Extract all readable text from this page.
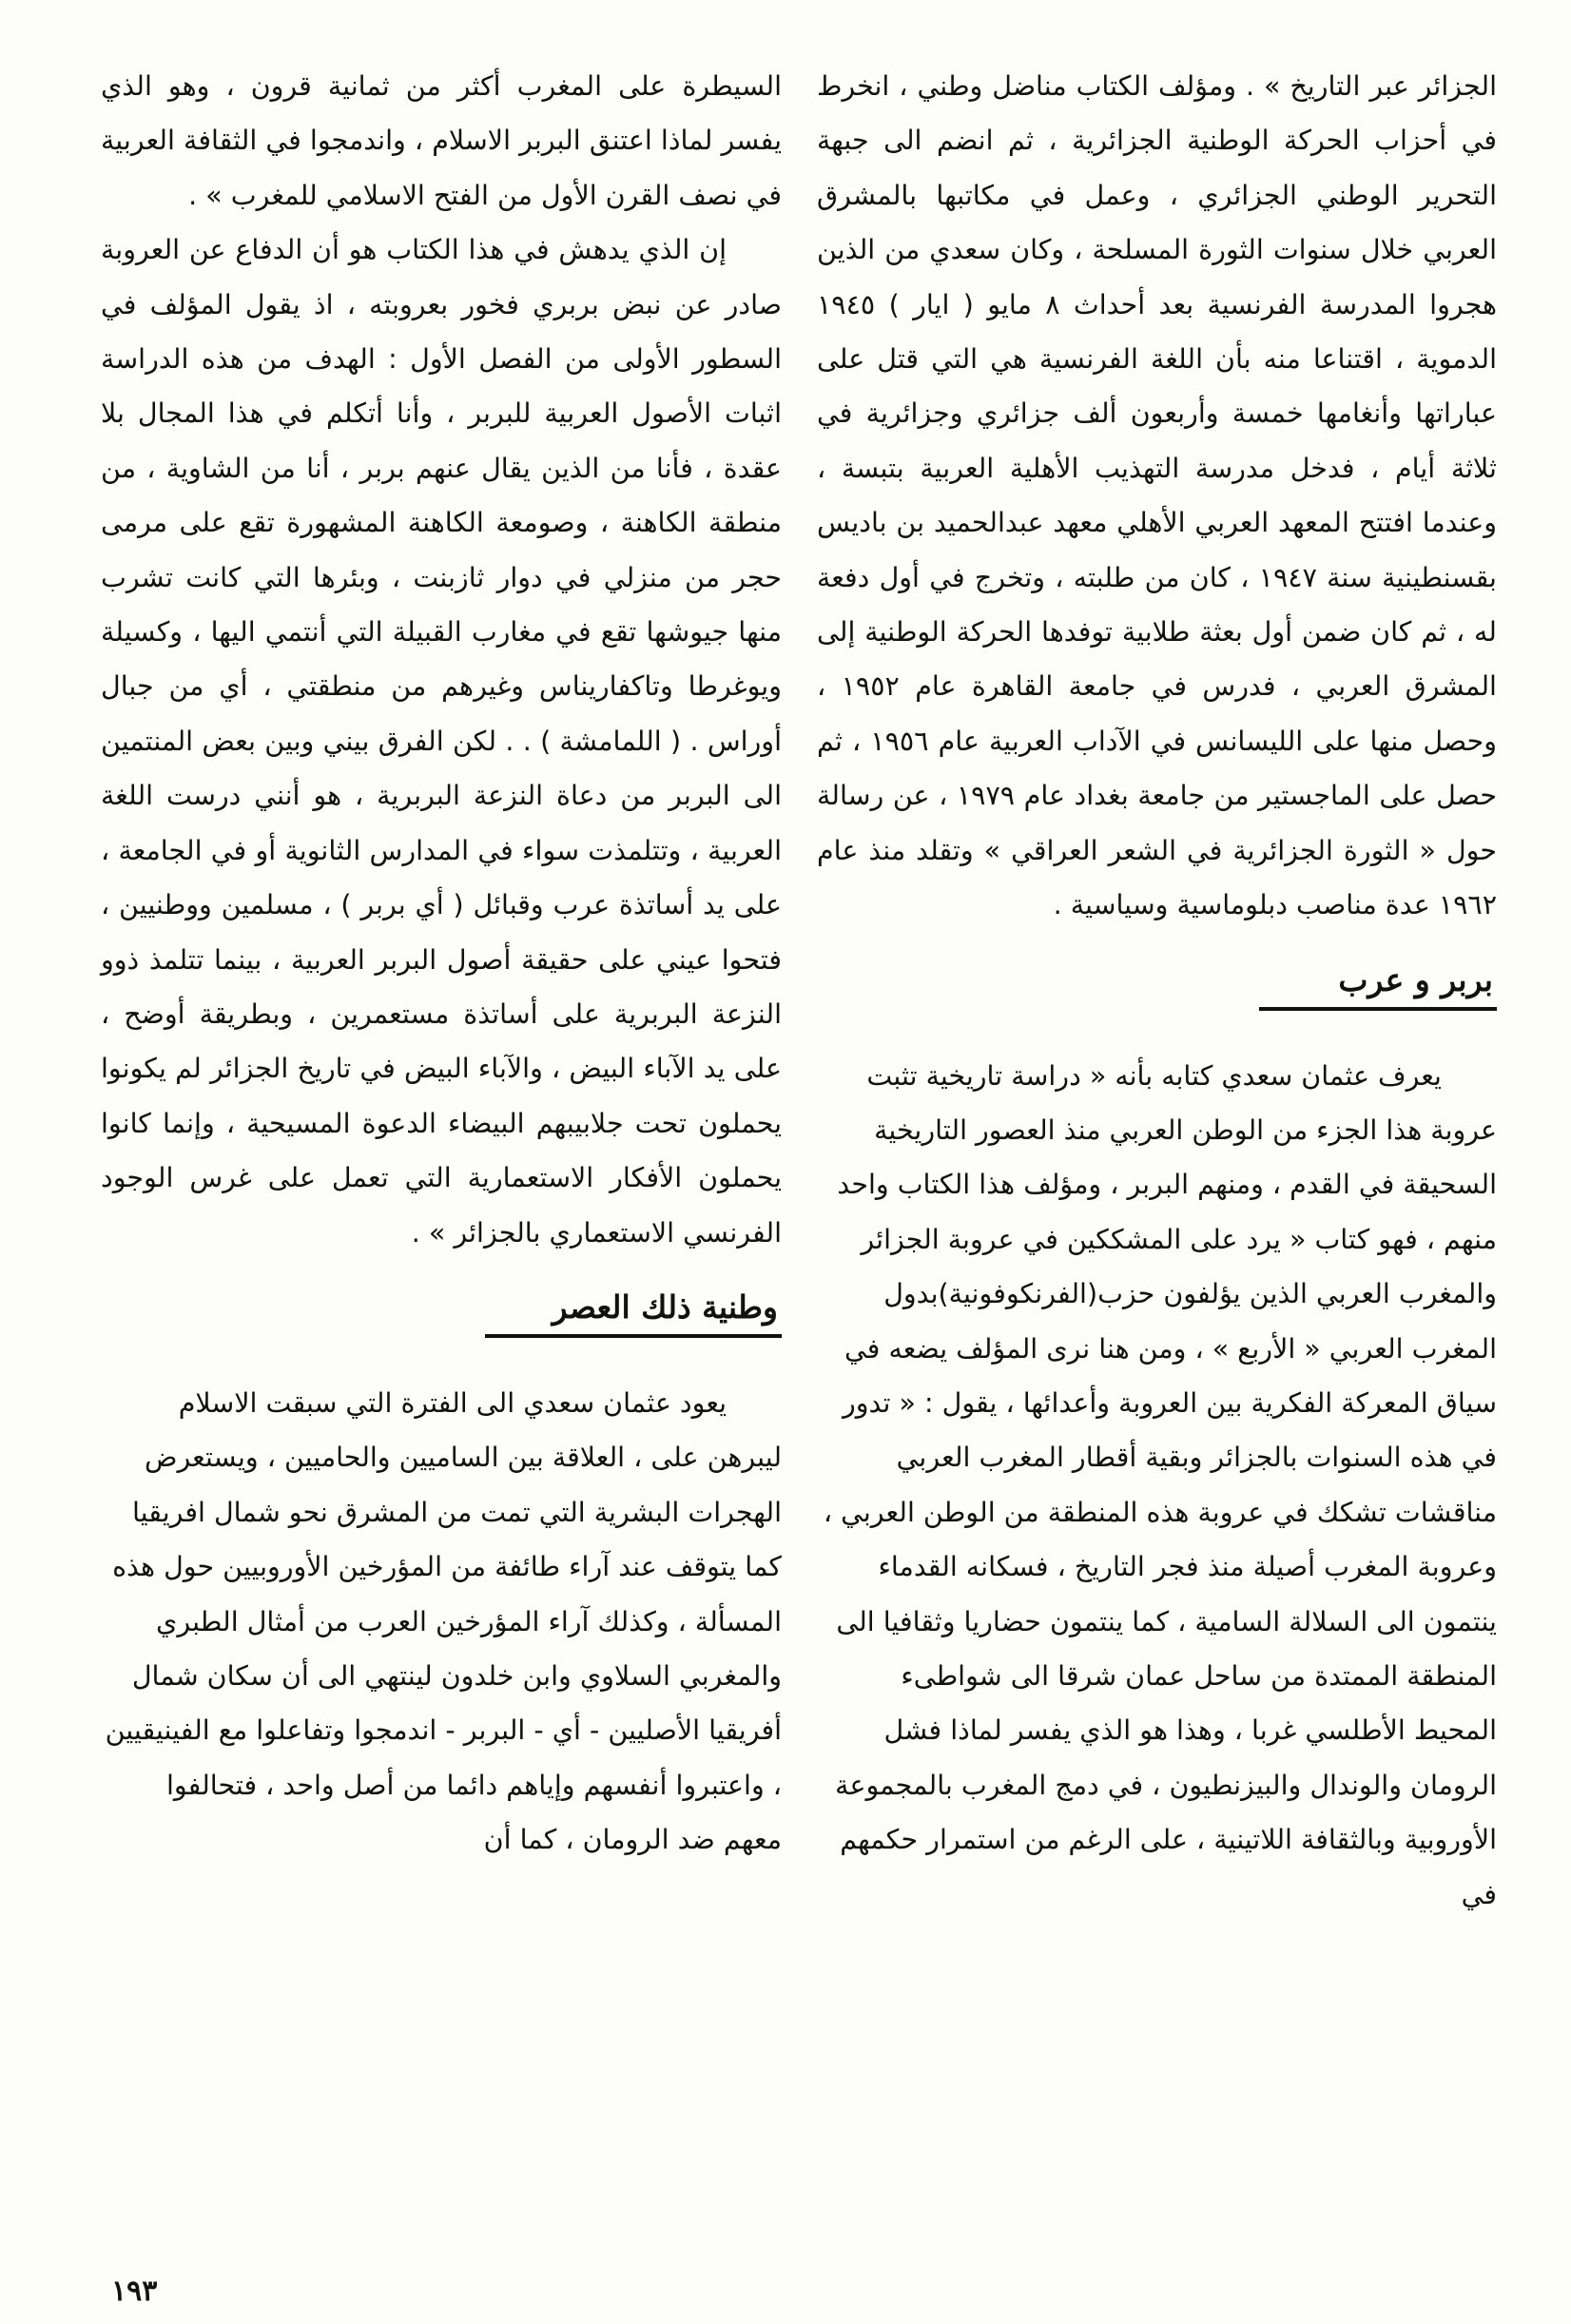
الجزائر عبر التاريخ » . ومؤلف الكتاب مناضل وطني ، انخرط في أحزاب الحركة الوطنية الجزائرية ، ثم انضم الى جبهة التحرير الوطني الجزائري ، وعمل في مكاتبها بالمشرق العربي خلال سنوات الثورة المسلحة ، وكان سعدي من الذين هجروا المدرسة الفرنسية بعد أحداث ٨ مايو ( ايار ) ١٩٤٥ الدموية ، اقتناعا منه بأن اللغة الفرنسية هي التي قتل على عباراتها وأنغامها خمسة وأربعون ألف جزائري وجزائرية في ثلاثة أيام ، فدخل مدرسة التهذيب الأهلية العربية بتبسة ، وعندما افتتح المعهد العربي الأهلي معهد عبدالحميد بن باديس بقسنطينية سنة ١٩٤٧ ، كان من طلبته ، وتخرج في أول دفعة له ، ثم كان ضمن أول بعثة طلابية توفدها الحركة الوطنية إلى المشرق العربي ، فدرس في جامعة القاهرة عام ١٩٥٢ ، وحصل منها على الليسانس في الآداب العربية عام ١٩٥٦ ، ثم حصل على الماجستير من جامعة بغداد عام ١٩٧٩ ، عن رسالة حول « الثورة الجزائرية في الشعر العراقي » وتقلد منذ عام ١٩٦٢ عدة مناصب دبلوماسية وسياسية .

بربر و عرب

يعرف عثمان سعدي كتابه بأنه « دراسة تاريخية تثبت عروبة هذا الجزء من الوطن العربي منذ العصور التاريخية السحيقة في القدم ، ومنهم البربر ، ومؤلف هذا الكتاب واحد منهم ، فهو كتاب « يرد على المشككين في عروبة الجزائر والمغرب العربي الذين يؤلفون حزب(الفرنكوفونية)بدول المغرب العربي « الأربع » ، ومن هنا نرى المؤلف يضعه في سياق المعركة الفكرية بين العروبة وأعدائها ، يقول : « تدور في هذه السنوات بالجزائر وبقية أقطار المغرب العربي مناقشات تشكك في عروبة هذه المنطقة من الوطن العربي ، وعروبة المغرب أصيلة منذ فجر التاريخ ، فسكانه القدماء ينتمون الى السلالة السامية ، كما ينتمون حضاريا وثقافيا الى المنطقة الممتدة من ساحل عمان شرقا الى شواطىء المحيط الأطلسي غربا ، وهذا هو الذي يفسر لماذا فشل الرومان والوندال والبيزنطيون ، في دمج المغرب بالمجموعة الأوروبية وبالثقافة اللاتينية ، على الرغم من استمرار حكمهم في

السيطرة على المغرب أكثر من ثمانية قرون ، وهو الذي يفسر لماذا اعتنق البربر الاسلام ، واندمجوا في الثقافة العربية في نصف القرن الأول من الفتح الاسلامي للمغرب » .

إن الذي يدهش في هذا الكتاب هو أن الدفاع عن العروبة صادر عن نبض بربري فخور بعروبته ، اذ يقول المؤلف في السطور الأولى من الفصل الأول : الهدف من هذه الدراسة اثبات الأصول العربية للبربر ، وأنا أتكلم في هذا المجال بلا عقدة ، فأنا من الذين يقال عنهم بربر ، أنا من الشاوية ، من منطقة الكاهنة ، وصومعة الكاهنة المشهورة تقع على مرمى حجر من منزلي في دوار ثازبنت ، وبئرها التي كانت تشرب منها جيوشها تقع في مغارب القبيلة التي أنتمي اليها ، وكسيلة ويوغرطا وتاكفاريناس وغيرهم من منطقتي ، أي من جبال أوراس . ( اللمامشة ) . . لكن الفرق بيني وبين بعض المنتمين الى البربر من دعاة النزعة البربرية ، هو أنني درست اللغة العربية ، وتتلمذت سواء في المدارس الثانوية أو في الجامعة ، على يد أساتذة عرب وقبائل ( أي بربر ) ، مسلمين ووطنيين ، فتحوا عيني على حقيقة أصول البربر العربية ، بينما تتلمذ ذوو النزعة البربرية على أساتذة مستعمرين ، وبطريقة أوضح ، على يد الآباء البيض ، والآباء البيض في تاريخ الجزائر لم يكونوا يحملون تحت جلابيبهم البيضاء الدعوة المسيحية ، وإنما كانوا يحملون الأفكار الاستعمارية التي تعمل على غرس الوجود الفرنسي الاستعماري بالجزائر » .

وطنية ذلك العصر

يعود عثمان سعدي الى الفترة التي سبقت الاسلام ليبرهن على ، العلاقة بين الساميين والحاميين ، ويستعرض الهجرات البشرية التي تمت من المشرق نحو شمال افريقيا كما يتوقف عند آراء طائفة من المؤرخين الأوروبيين حول هذه المسألة ، وكذلك آراء المؤرخين العرب من أمثال الطبري والمغربي السلاوي وابن خلدون لينتهي الى أن سكان شمال أفريقيا الأصليين - أي - البربر - اندمجوا وتفاعلوا مع الفينيقيين ، واعتبروا أنفسهم وإياهم دائما من أصل واحد ، فتحالفوا معهم ضد الرومان ، كما أن

١٩٣
